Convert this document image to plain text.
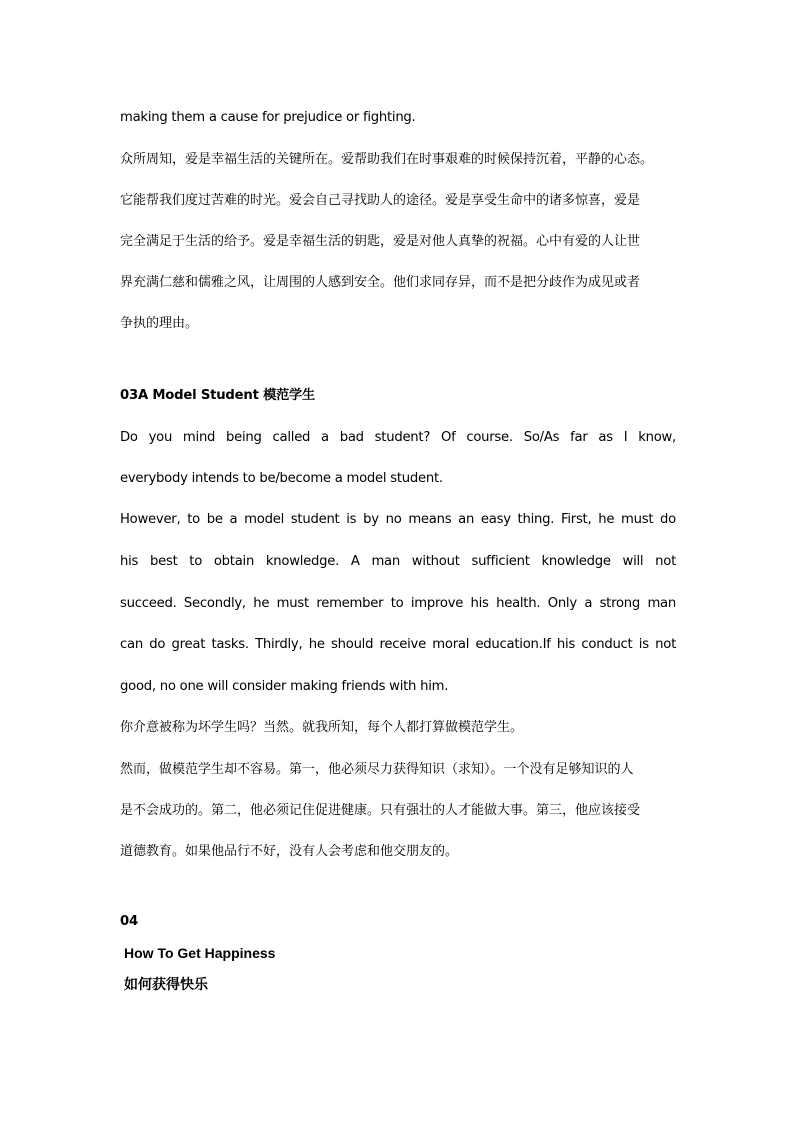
making them a cause for prejudice or fighting.

众所周知，爱是幸福生活的关键所在。爱帮助我们在时事艰难的时候保持沉着，平静的心态。

它能帮我们度过苦难的时光。爱会自己寻找助人的途径。爱是享受生命中的诸多惊喜，爱是

完全满足于生活的给予。爱是幸福生活的钥匙，爱是对他人真挚的祝福。心中有爱的人让世

界充满仁慈和儒雅之风，让周围的人感到安全。他们求同存异，而不是把分歧作为成见或者

争执的理由。

03A Model Student 模范学生

Do you mind being called a bad student? Of course. So/As far as I know,

everybody intends to be/become a model student.

However, to be a model student is by no means an easy thing. First, he must do

his best to obtain knowledge. A man without sufficient knowledge will not

succeed. Secondly, he must remember to improve his health. Only a strong man

can do great tasks. Thirdly, he should receive moral education.If his conduct is not

good, no one will consider making friends with him.

你介意被称为坏学生吗？当然。就我所知，每个人都打算做模范学生。

然而，做模范学生却不容易。第一，他必须尽力获得知识（求知）。一个没有足够知识的人

是不会成功的。第二，他必须记住促进健康。只有强壮的人才能做大事。第三，他应该接受

道德教育。如果他品行不好，没有人会考虑和他交朋友的。

04

How To Get Happiness

如何获得快乐
